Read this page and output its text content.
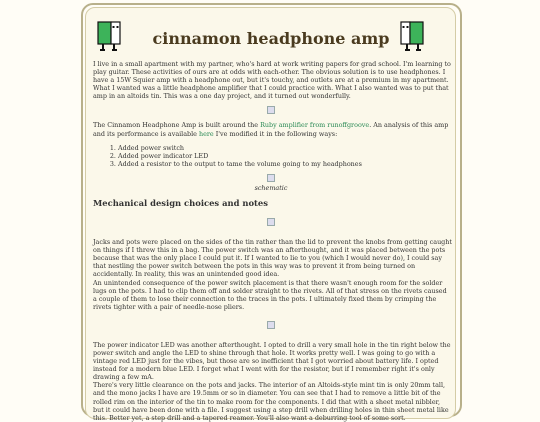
cinnamon headphone amp

I live in a small apartment with my partner, who's hard at work writing papers for grad school. I'm learning to play guitar. These activities of ours are at odds with each-other. The obvious solution is to use headphones. I have a 15W Squier amp with a headphone out, but it's touchy, and outlets are at a premium in my apartment. What I wanted was a little headphone amplifier that I could practice with. What I also wanted was to put that amp in an altoids tin. This was a one day project, and it turned out wonderfully.

The Cinnamon Headphone Amp is built around the Ruby amplifier from runoffgroove. An analysis of this amp and its performance is available here I've modified it in the following ways:

1. Added power switch
2. Added power indicator LED
3. Added a resistor to the output to tame the volume going to my headphones
schematic
Mechanical design choices and notes

Jacks and pots were placed on the sides of the tin rather than the lid to prevent the knobs from getting caught on things if I threw this in a bag. The power switch was an afterthought, and it was placed between the pots because that was the only place I could put it. If I wanted to lie to you (which I would never do), I could say that nestling the power switch between the pots in this way was to prevent it from being turned on accidentally. In reality, this was an unintended good idea.

An unintended consequence of the power switch placement is that there wasn't enough room for the solder lugs on the pots. I had to clip them off and solder straight to the rivets. All of that stress on the rivets caused a couple of them to lose their connection to the traces in the pots. I ultimately fixed them by crimping the rivets tighter with a pair of needle-nose pliers.

The power indicator LED was another afterthought. I opted to drill a very small hole in the tin right below the power switch and angle the LED to shine through that hole. It works pretty well. I was going to go with a vintage red LED just for the vibes, but those are so inefficient that I got worried about battery life. I opted instead for a modern blue LED. I forget what I went with for the resistor, but if I remember right it's only drawing a few mA.

There's very little clearance on the pots and jacks. The interior of an Altoids-style mint tin is only 20mm tall, and the mono jacks I have are 19.5mm or so in diameter. You can see that I had to remove a little bit of the rolled rim on the interior of the tin to make room for the components. I did that with a sheet metal nibbler, but it could have been done with a file. I suggest using a step drill when drilling holes in thin sheet metal like this. Better yet, a step drill and a tapered reamer. You'll also want a deburring tool of some sort.
